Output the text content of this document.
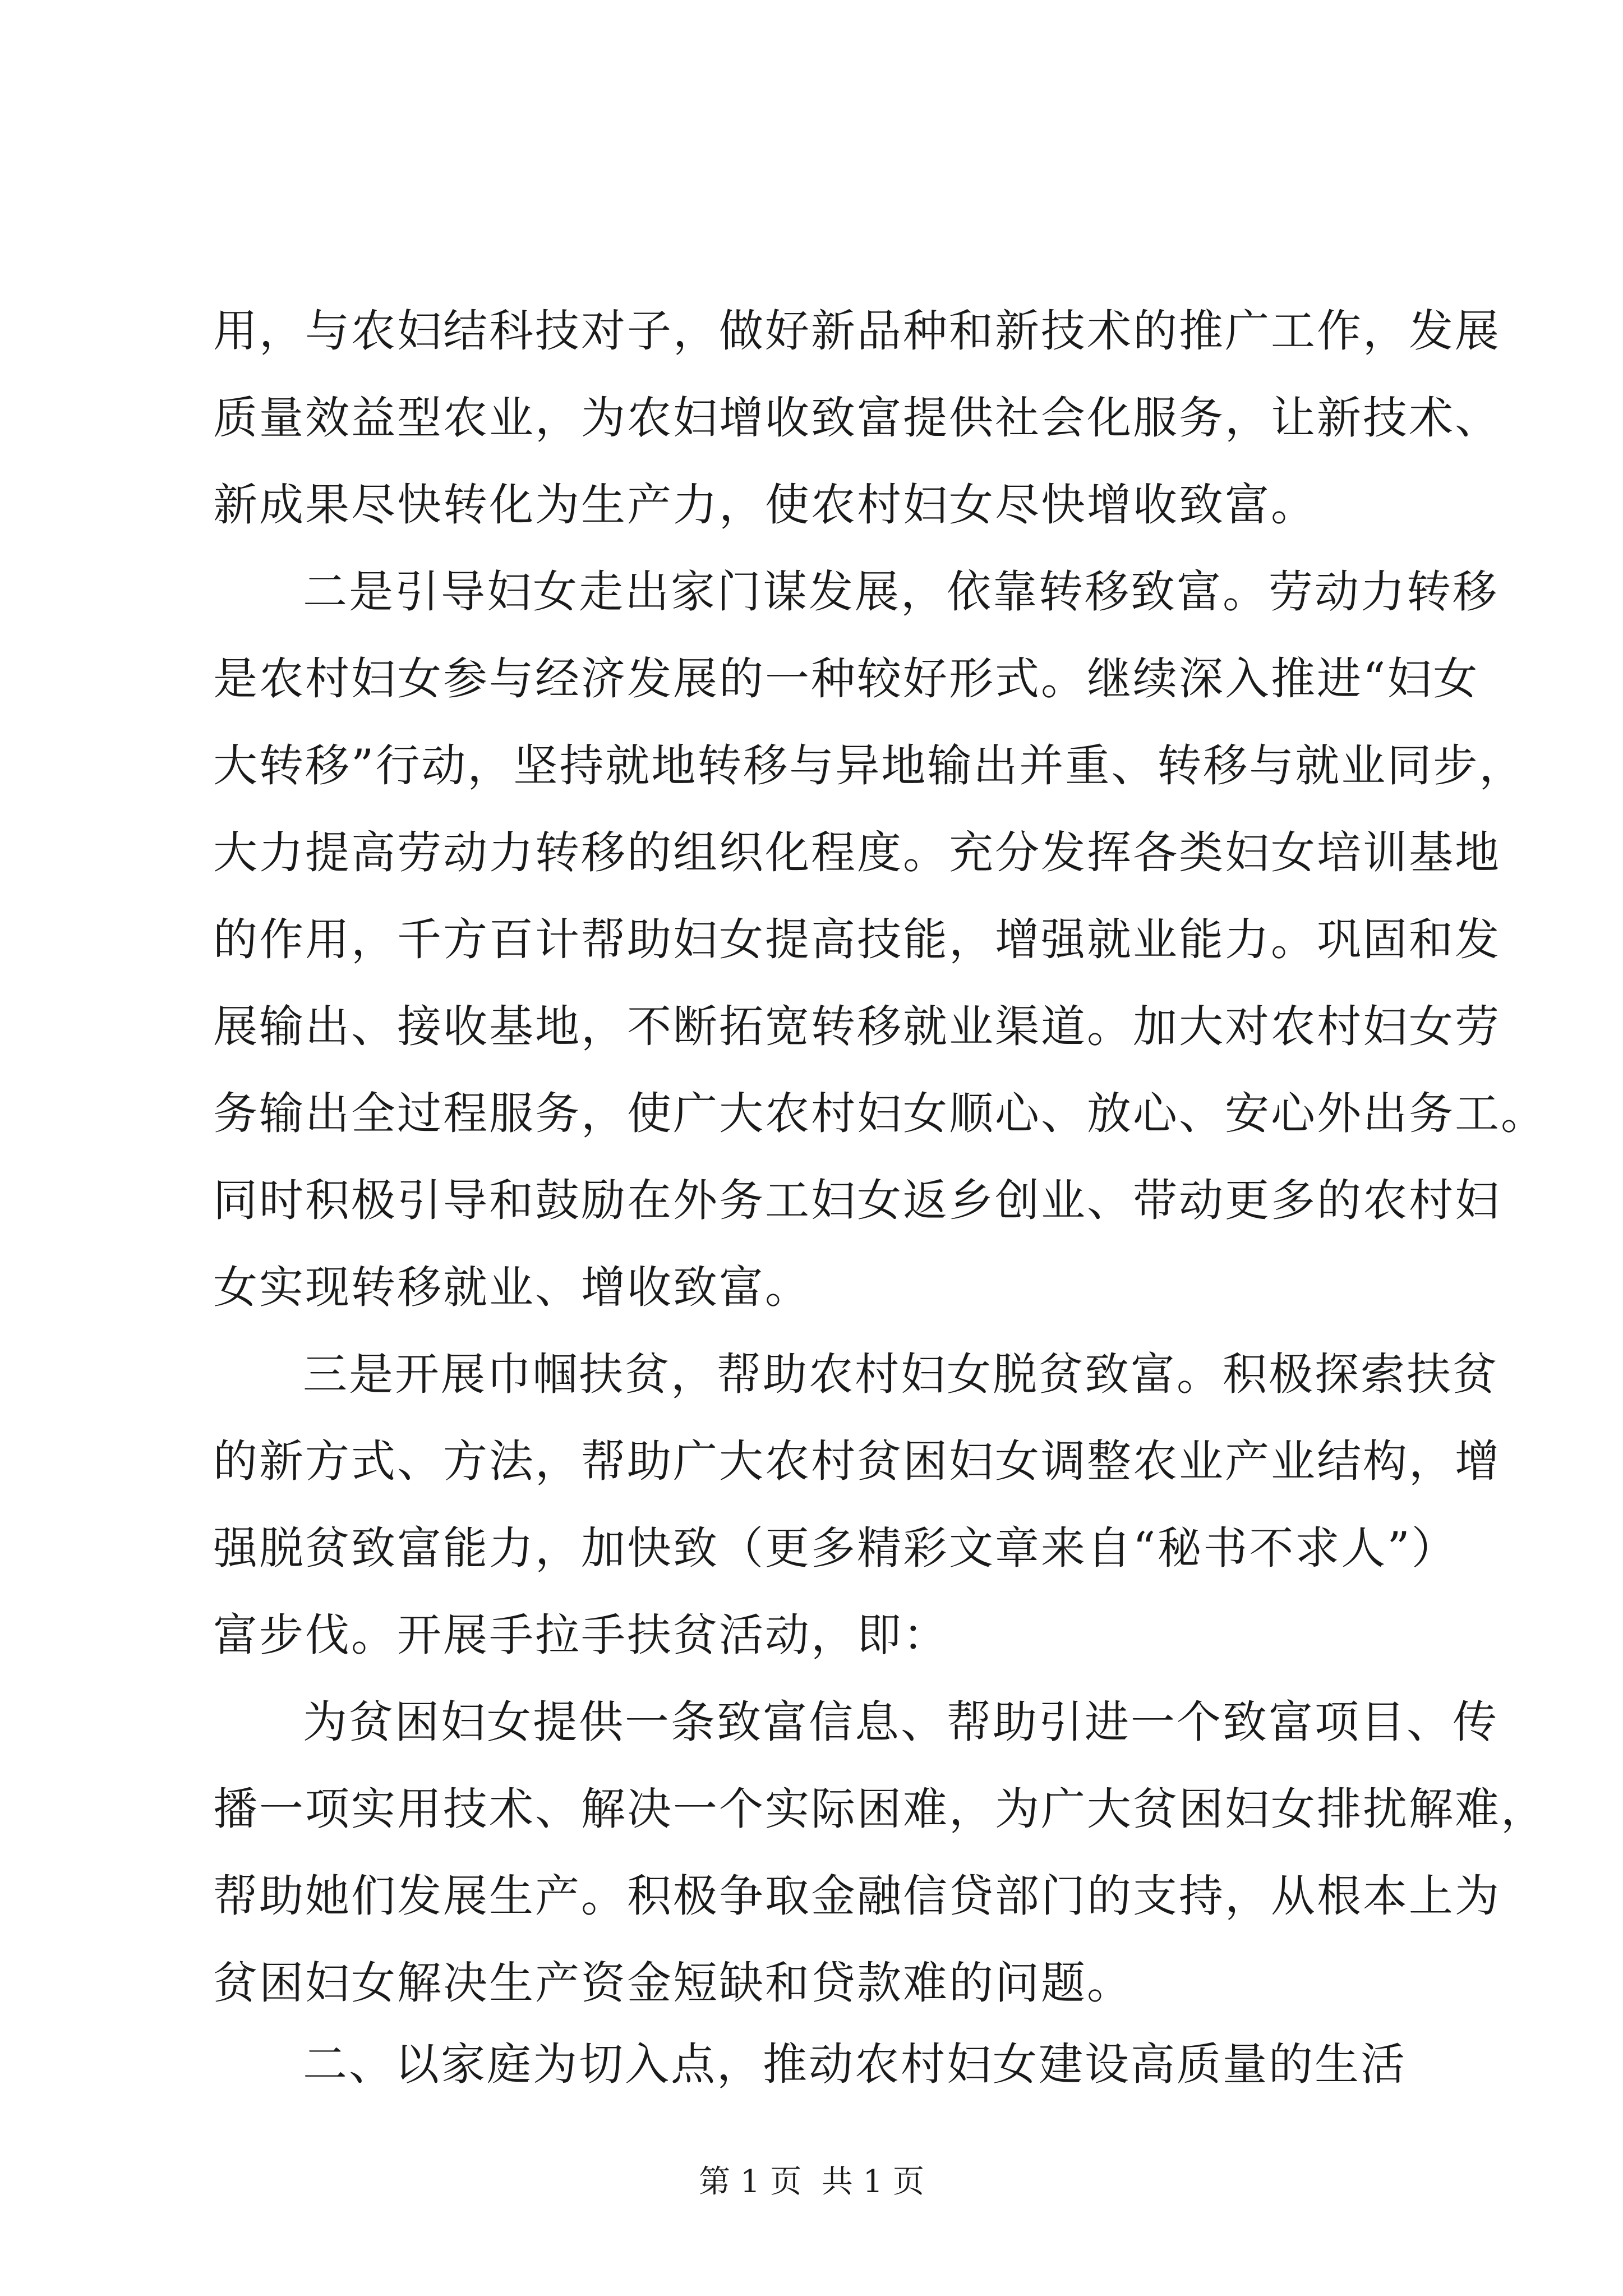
用，与农妇结科技对子，做好新品种和新技术的推广工作，发展
质量效益型农业，为农妇增收致富提供社会化服务，让新技术、
新成果尽快转化为生产力，使农村妇女尽快增收致富。
二是引导妇女走出家门谋发展，依靠转移致富。劳动力转移
是农村妇女参与经济发展的一种较好形式。继续深入推进“妇女
大转移”行动，坚持就地转移与异地输出并重、转移与就业同步，
大力提高劳动力转移的组织化程度。充分发挥各类妇女培训基地
的作用，千方百计帮助妇女提高技能，增强就业能力。巩固和发
展输出、接收基地，不断拓宽转移就业渠道。加大对农村妇女劳
务输出全过程服务，使广大农村妇女顺心、放心、安心外出务工。
同时积极引导和鼓励在外务工妇女返乡创业、带动更多的农村妇
女实现转移就业、增收致富。
三是开展巾帼扶贫，帮助农村妇女脱贫致富。积极探索扶贫
的新方式、方法，帮助广大农村贫困妇女调整农业产业结构，增
强脱贫致富能力，加快致（更多精彩文章来自“秘书不求人”）
富步伐。开展手拉手扶贫活动，即：
为贫困妇女提供一条致富信息、帮助引进一个致富项目、传
播一项实用技术、解决一个实际困难，为广大贫困妇女排扰解难，
帮助她们发展生产。积极争取金融信贷部门的支持，从根本上为
贫困妇女解决生产资金短缺和贷款难的问题。
二、以家庭为切入点，推动农村妇女建设高质量的生活
第 1 页  共 1 页
